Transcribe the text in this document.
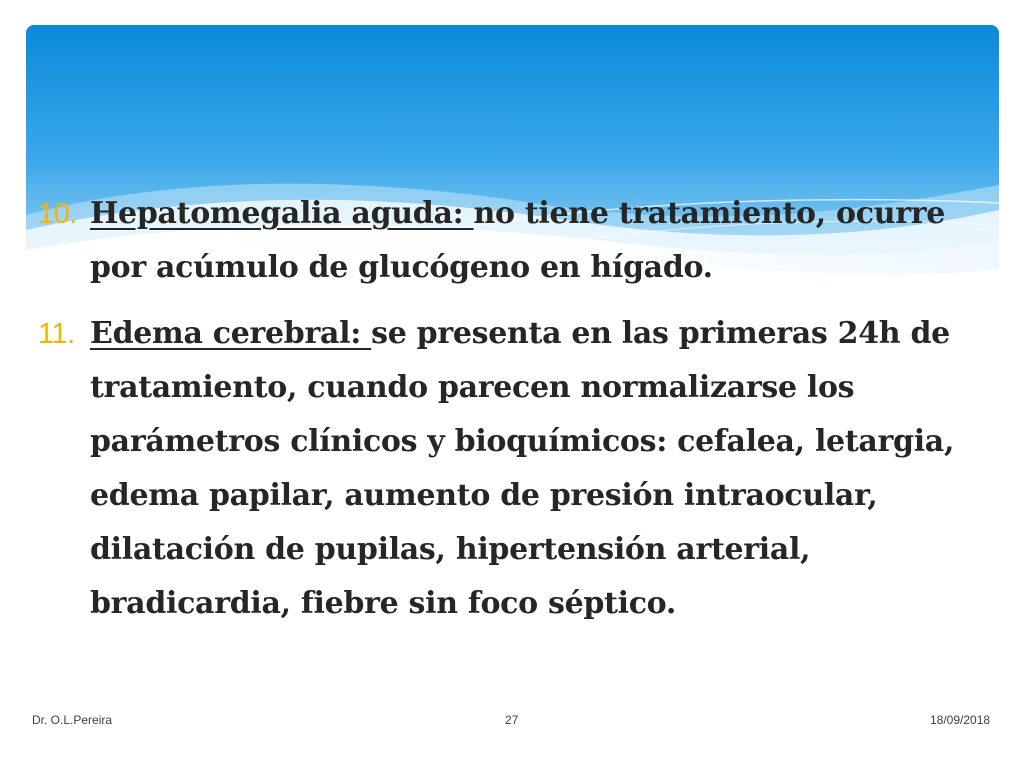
10. Hepatomegalia aguda: no tiene tratamiento, ocurre por acúmulo de glucógeno en hígado.
11. Edema cerebral: se presenta en las primeras 24h de tratamiento, cuando parecen normalizarse los parámetros clínicos y bioquímicos: cefalea, letargia, edema papilar, aumento de presión intraocular, dilatación de pupilas, hipertensión arterial, bradicardia, fiebre sin foco séptico.
Dr. O.L.Pereira	27	18/09/2018
